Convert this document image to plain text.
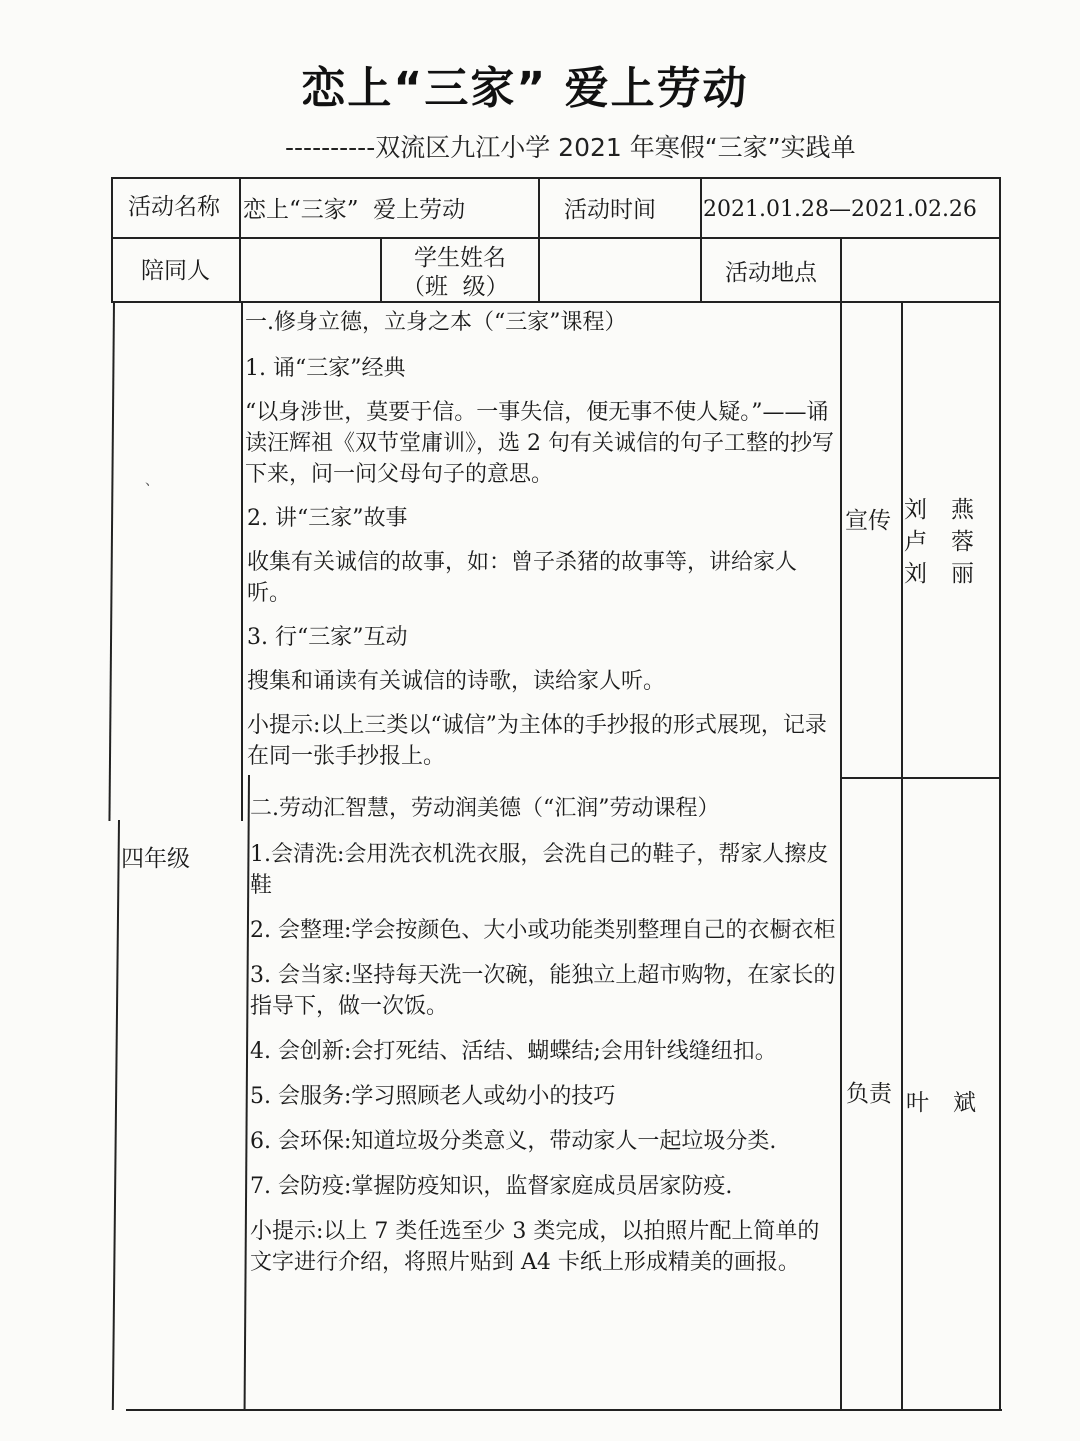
恋上“三家” 爱上劳动
----------双流区九江小学 2021 年寒假“三家”实践单
活动名称 恋上“三家”  爱上劳动	活动时间 2021.01.28—2021.02.26
陪同人	学生姓名
（班  级）
活动地点
、
四年级

一.修身立德，立身之本（“三家”课程）

1. 诵“三家”经典

“以身涉世，莫要于信。一事失信，便无事不使人疑。”——诵读汪辉祖《双节堂庸训》，选 2 句有关诚信的句子工整的抄写下来，问一问父母句子的意思。

2. 讲“三家”故事

收集有关诚信的故事，如：曾子杀猪的故事等，讲给家人听。

3. 行“三家”互动

搜集和诵读有关诚信的诗歌，读给家人听。

小提示:以上三类以“诚信”为主体的手抄报的形式展现，记录在同一张手抄报上。

宣传 刘 燕
卢 蓉
刘 丽

二.劳动汇智慧，劳动润美德（“汇润”劳动课程）

1.会清洗:会用洗衣机洗衣服，会洗自己的鞋子，帮家人擦皮鞋

2. 会整理:学会按颜色、大小或功能类别整理自己的衣橱衣柜

3. 会当家:坚持每天洗一次碗，能独立上超市购物，在家长的指导下，做一次饭。

4. 会创新:会打死结、活结、蝴蝶结;会用针线缝纽扣。

5. 会服务:学习照顾老人或幼小的技巧

6. 会环保:知道垃圾分类意义，带动家人一起垃圾分类.

7. 会防疫:掌握防疫知识，监督家庭成员居家防疫.

小提示:以上 7 类任选至少 3 类完成，以拍照片配上简单的文字进行介绍，将照片贴到 A4 卡纸上形成精美的画报。

负责 叶 斌
